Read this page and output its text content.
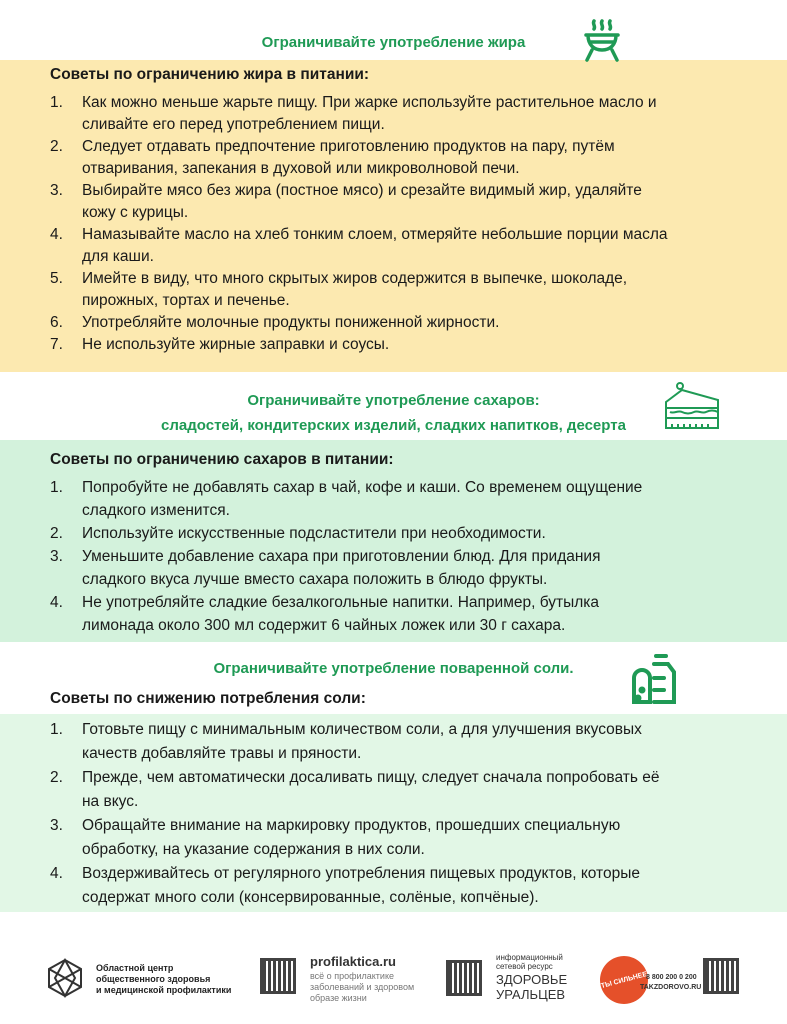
Ограничивайте употребление жира
Советы по ограничению жира в питании:
1.	Как можно меньше жарьте пищу. При жарке используйте растительное масло и
сливайте его перед употреблением пищи.
2.	Следует отдавать предпочтение приготовлению продуктов на пару, путём
отваривания, запекания в духовой или микроволновой печи.
3.	Выбирайте мясо без жира (постное мясо) и срезайте видимый жир, удаляйте
кожу с курицы.
4.	Намазывайте масло на хлеб тонким слоем, отмеряйте небольшие порции масла
для каши.
5.	Имейте в виду, что много скрытых жиров содержится в выпечке, шоколаде,
пирожных, тортах и печенье.
6.	Употребляйте молочные продукты пониженной жирности.
7.	Не используйте жирные заправки и соусы.
Ограничивайте употребление сахаров:
сладостей, кондитерских изделий, сладких напитков, десерта
Советы по ограничению сахаров в питании:
1.	Попробуйте не добавлять сахар в чай, кофе и каши. Со временем ощущение
сладкого изменится.
2.	Используйте искусственные подсластители при необходимости.
3.	Уменьшите добавление сахара при приготовлении блюд. Для придания
сладкого вкуса лучше вместо сахара положить в блюдо фрукты.
4.	Не употребляйте сладкие безалкогольные напитки. Например, бутылка
лимонада около 300 мл содержит 6 чайных ложек или 30 г сахара.
Ограничивайте употребление поваренной соли.
Советы по снижению потребления соли:
1.	Готовьте пищу с минимальным количеством соли, а для улучшения вкусовых
качеств добавляйте травы и пряности.
2.	Прежде, чем автоматически досаливать пищу, следует сначала попробовать её
на вкус.
3.	Обращайте внимание на маркировку продуктов, прошедших специальную
обработку, на указание содержания в них соли.
4.	Воздерживайтесь от регулярного употребления пищевых продуктов, которые
содержат много соли (консервированные, солёные, копчёные).
Областной центр
общественного здоровья
и медицинской профилактики
profilaktica.ru
всё о профилактике
заболеваний и здоровом
образе жизни
информационный
сетевой ресурс
ЗДОРОВЬЕ
УРАЛЬЦЕВ
ТЫ СИЛЬНЕЕ
8 800 200 0 200
TAKZDOROVO.RU
